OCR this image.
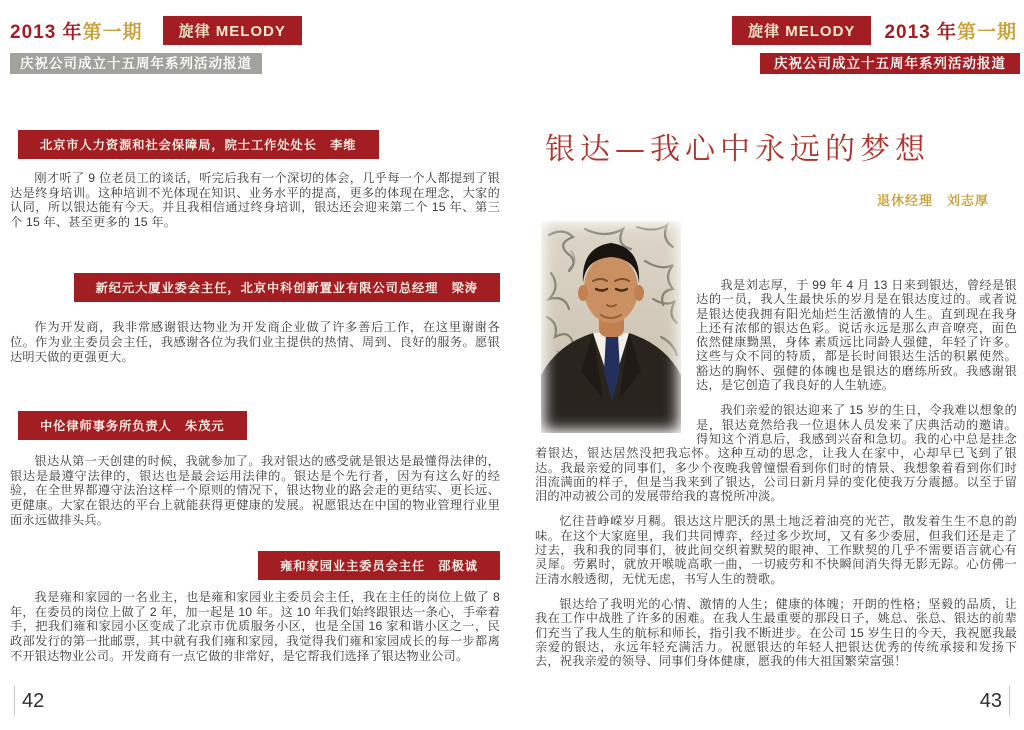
2013 年第一期	旋律 MELODY
庆祝公司成立十五周年系列活动报道
北京市人力资源和社会保障局，院士工作处处长　李维

刚才听了 9 位老员工的谈话，听完后我有一个深切的体会，几乎每一个人都提到了银达是终身培训。这种培训不光体现在知识、业务水平的提高，更多的体现在理念，大家的认同，所以银达能有今天。并且我相信通过终身培训，银达还会迎来第二个 15 年、第三个 15 年、甚至更多的 15 年。

新纪元大厦业委会主任，北京中科创新置业有限公司总经理　梁涛

作为开发商，我非常感谢银达物业为开发商企业做了许多善后工作，在这里谢谢各位。作为业主委员会主任，我感谢各位为我们业主提供的热情、周到、良好的服务。愿银达明天做的更强更大。

中伦律师事务所负责人　朱茂元

银达从第一天创建的时候，我就参加了。我对银达的感受就是银达是最懂得法律的，银达是最遵守法律的，银达也是最会运用法律的。银达是个先行者，因为有这么好的经验，在全世界都遵守法治这样一个原则的情况下，银达物业的路会走的更结实、更长远、更健康。大家在银达的平台上就能获得更健康的发展。祝愿银达在中国的物业管理行业里面永远做排头兵。

雍和家园业主委员会主任　邵极诚

我是雍和家园的一名业主，也是雍和家园业主委员会主任，我在主任的岗位上做了 8 年，在委员的岗位上做了 2 年，加一起是 10 年。这 10 年我们始终跟银达一条心，手牵着手，把我们雍和家园小区变成了北京市优质服务小区，也是全国 16 家和谐小区之一，民政部发行的第一批邮票，其中就有我们雍和家园，我觉得我们雍和家园成长的每一步都离不开银达物业公司。开发商有一点它做的非常好，是它帮我们选择了银达物业公司。

42
旋律 MELODY	2013 年第一期
庆祝公司成立十五周年系列活动报道
银达—我心中永远的梦想
退休经理　刘志厚

我是刘志厚，于 99 年 4 月 13 日来到银达，曾经是银达的一员，我人生最快乐的岁月是在银达度过的。或者说是银达使我拥有阳光灿烂生活激情的人生。直到现在我身上还有浓郁的银达色彩。说话永远是那么声音嘹亮，面色依然健康黝黑，身体 素质远比同龄人强健，年轻了许多。这些与众不同的特质，都是长时间银达生活的积累使然。豁达的胸怀、强健的体魄也是银达的磨练所致。我感谢银达，是它创造了我良好的人生轨迹。

我们亲爱的银达迎来了 15 岁的生日，令我难以想象的是，银达竟然给我一位退休人员发来了庆典活动的邀请。得知这个消息后，我感到兴奋和急切。我的心中总是挂念着银达，银达居然没把我忘怀。这种互动的思念，让我人在家中，心却早已飞到了银达。我最亲爱的同事们，多少个夜晚我曾憧憬看到你们时的情景、我想象着看到你们时泪流满面的样子，但是当我来到了银达，公司日新月异的变化使我万分震撼。以至于留泪的冲动被公司的发展带给我的喜悦所冲淡。

忆往昔峥嵘岁月稠。银达这片肥沃的黑土地泛着油亮的光芒，散发着生生不息的韵味。在这个大家庭里，我们共同博弈，经过多少坎坷，又有多少委屈，但我们还是走了过去，我和我的同事们，彼此间交织着默契的眼神、工作默契的几乎不需要语言就心有灵犀。劳累时，就放开喉咙高歌一曲，一切疲劳和不快瞬间消失得无影无踪。心仿佛一汪清水般透彻，无忧无虑，书写人生的赞歌。

银达给了我明光的心情、激情的人生；健康的体魄；开朗的性格；坚毅的品质，让我在工作中战胜了许多的困难。在我人生最重要的那段日子，姚总、张总、银达的前辈们充当了我人生的航标和师长，指引我不断进步。在公司 15 岁生日的今天，我祝愿我最亲爱的银达，永远年轻充满活力。祝愿银达的年轻人把银达优秀的传统承接和发扬下去，祝我亲爱的领导、同事们身体健康，愿我的伟大祖国繁荣富强！

43
